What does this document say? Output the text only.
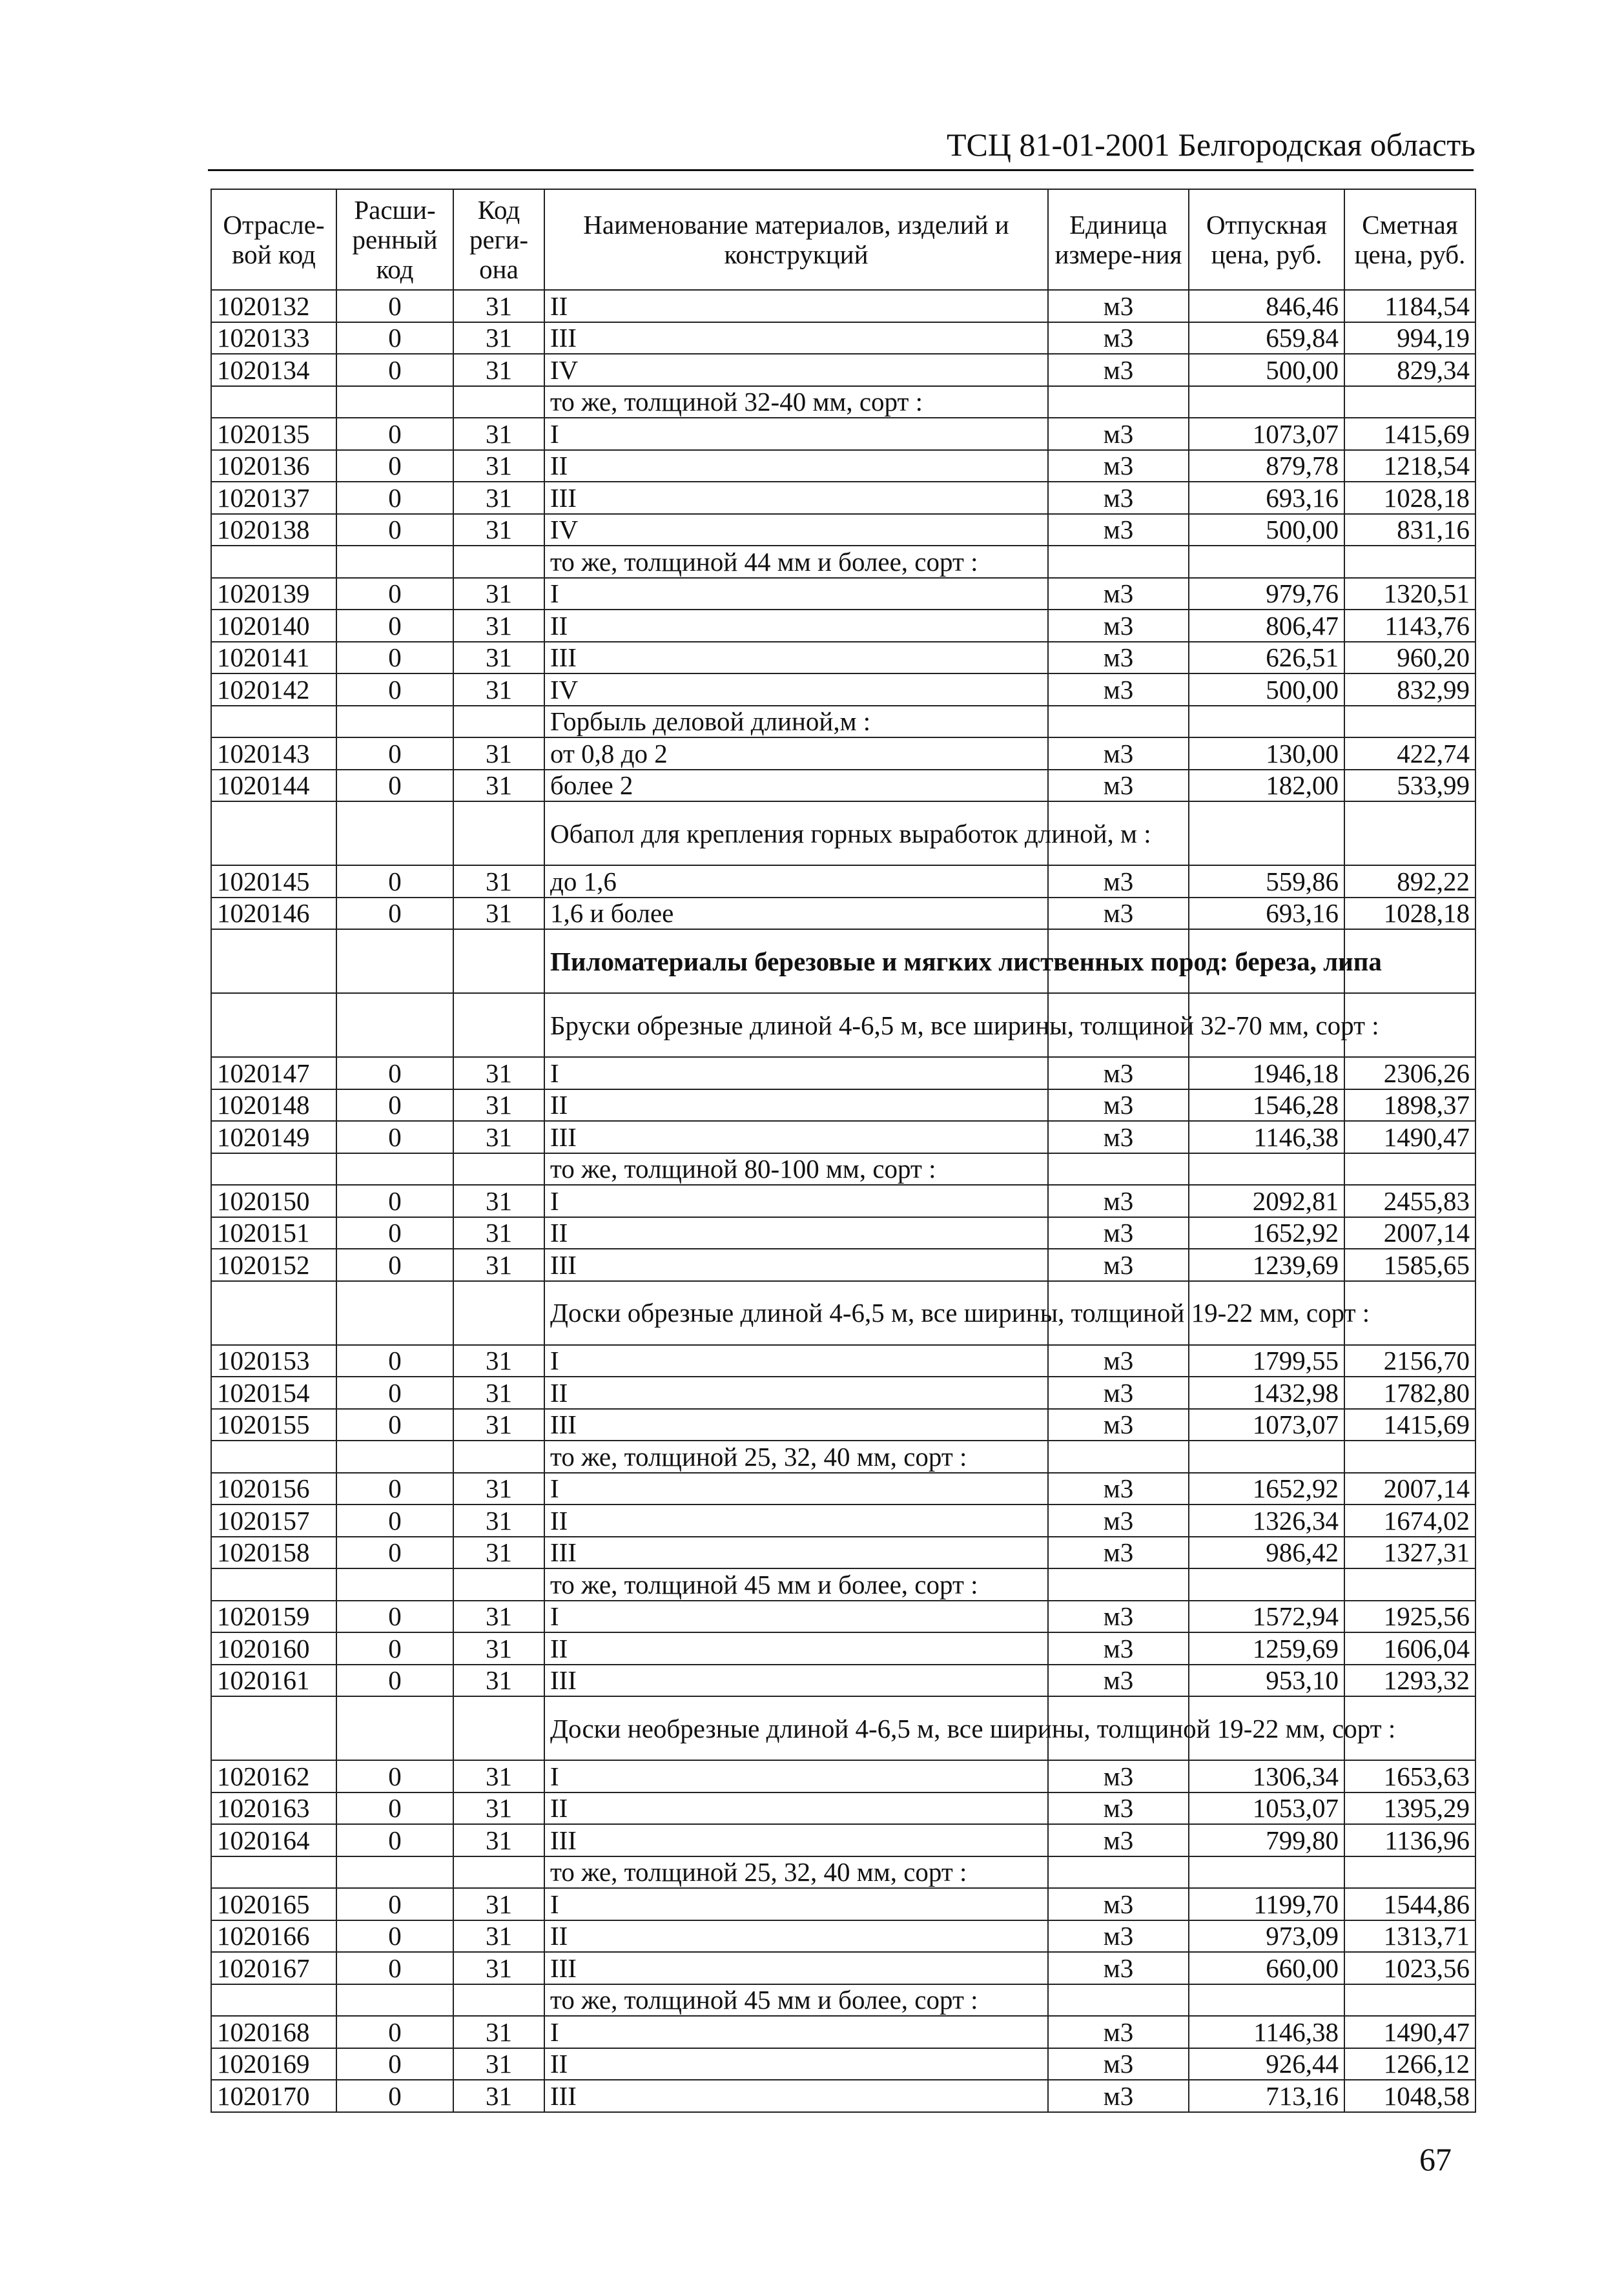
ТСЦ 81-01-2001 Белгородская область
Отрасле-вой код	Расши-ренный код	Код реги-она	Наименование материалов, изделий и конструкций	Единица измере-ния	Отпускная цена, руб.	Сметная цена, руб.
1020132	0	31	II	м3	846,46	1184,54
1020133	0	31	III	м3	659,84	994,19
1020134	0	31	IV	м3	500,00	829,34
			то же, толщиной 32-40 мм, сорт :			
1020135	0	31	I	м3	1073,07	1415,69
1020136	0	31	II	м3	879,78	1218,54
1020137	0	31	III	м3	693,16	1028,18
1020138	0	31	IV	м3	500,00	831,16
			то же, толщиной 44 мм и более, сорт :			
1020139	0	31	I	м3	979,76	1320,51
1020140	0	31	II	м3	806,47	1143,76
1020141	0	31	III	м3	626,51	960,20
1020142	0	31	IV	м3	500,00	832,99
			Горбыль деловой длиной,м :			
1020143	0	31	от 0,8 до 2	м3	130,00	422,74
1020144	0	31	более 2	м3	182,00	533,99
			Обапол для крепления горных выработок длиной, м :			
1020145	0	31	до 1,6	м3	559,86	892,22
1020146	0	31	1,6 и более	м3	693,16	1028,18
			Пиломатериалы березовые и мягких лиственных пород: береза, липа			
			Бруски обрезные длиной 4-6,5 м, все ширины, толщиной 32-70 мм, сорт :			
1020147	0	31	I	м3	1946,18	2306,26
1020148	0	31	II	м3	1546,28	1898,37
1020149	0	31	III	м3	1146,38	1490,47
			то же, толщиной 80-100 мм, сорт :			
1020150	0	31	I	м3	2092,81	2455,83
1020151	0	31	II	м3	1652,92	2007,14
1020152	0	31	III	м3	1239,69	1585,65
			Доски обрезные длиной 4-6,5 м, все ширины, толщиной 19-22 мм, сорт :			
1020153	0	31	I	м3	1799,55	2156,70
1020154	0	31	II	м3	1432,98	1782,80
1020155	0	31	III	м3	1073,07	1415,69
			то же, толщиной 25, 32, 40 мм, сорт :			
1020156	0	31	I	м3	1652,92	2007,14
1020157	0	31	II	м3	1326,34	1674,02
1020158	0	31	III	м3	986,42	1327,31
			то же, толщиной 45 мм и более, сорт :			
1020159	0	31	I	м3	1572,94	1925,56
1020160	0	31	II	м3	1259,69	1606,04
1020161	0	31	III	м3	953,10	1293,32
			Доски необрезные длиной 4-6,5 м, все ширины, толщиной 19-22 мм, сорт :			
1020162	0	31	I	м3	1306,34	1653,63
1020163	0	31	II	м3	1053,07	1395,29
1020164	0	31	III	м3	799,80	1136,96
			то же, толщиной 25, 32, 40 мм, сорт :			
1020165	0	31	I	м3	1199,70	1544,86
1020166	0	31	II	м3	973,09	1313,71
1020167	0	31	III	м3	660,00	1023,56
			то же, толщиной 45 мм и более, сорт :			
1020168	0	31	I	м3	1146,38	1490,47
1020169	0	31	II	м3	926,44	1266,12
1020170	0	31	III	м3	713,16	1048,58
67
